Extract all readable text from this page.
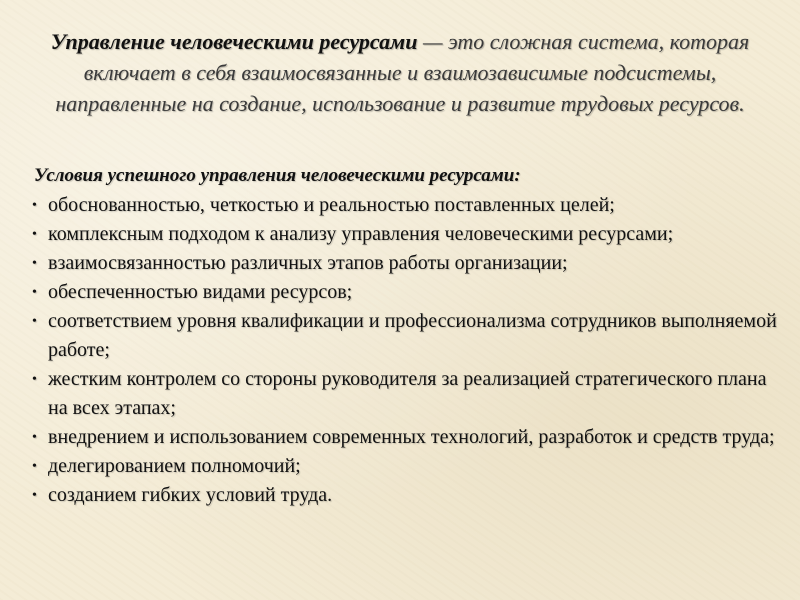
Управление человеческими ресурсами — это сложная система, которая включает в себя взаимосвязанные и взаимозависимые подсистемы, направленные на создание, использование и развитие трудовых ресурсов.

Условия успешного управления человеческими ресурсами:
• обоснованностью, четкостью и реальностью поставленных целей;
• комплексным подходом к анализу управления человеческими ресурсами;
• взаимосвязанностью различных этапов работы организации;
• обеспеченностью видами ресурсов;
• соответствием уровня квалификации и профессионализма сотрудников выполняемой работе;
• жестким контролем со стороны руководителя за реализацией стратегического плана на всех этапах;
• внедрением и использованием современных технологий, разработок и средств труда;
• делегированием полномочий;
• созданием гибких условий труда.
